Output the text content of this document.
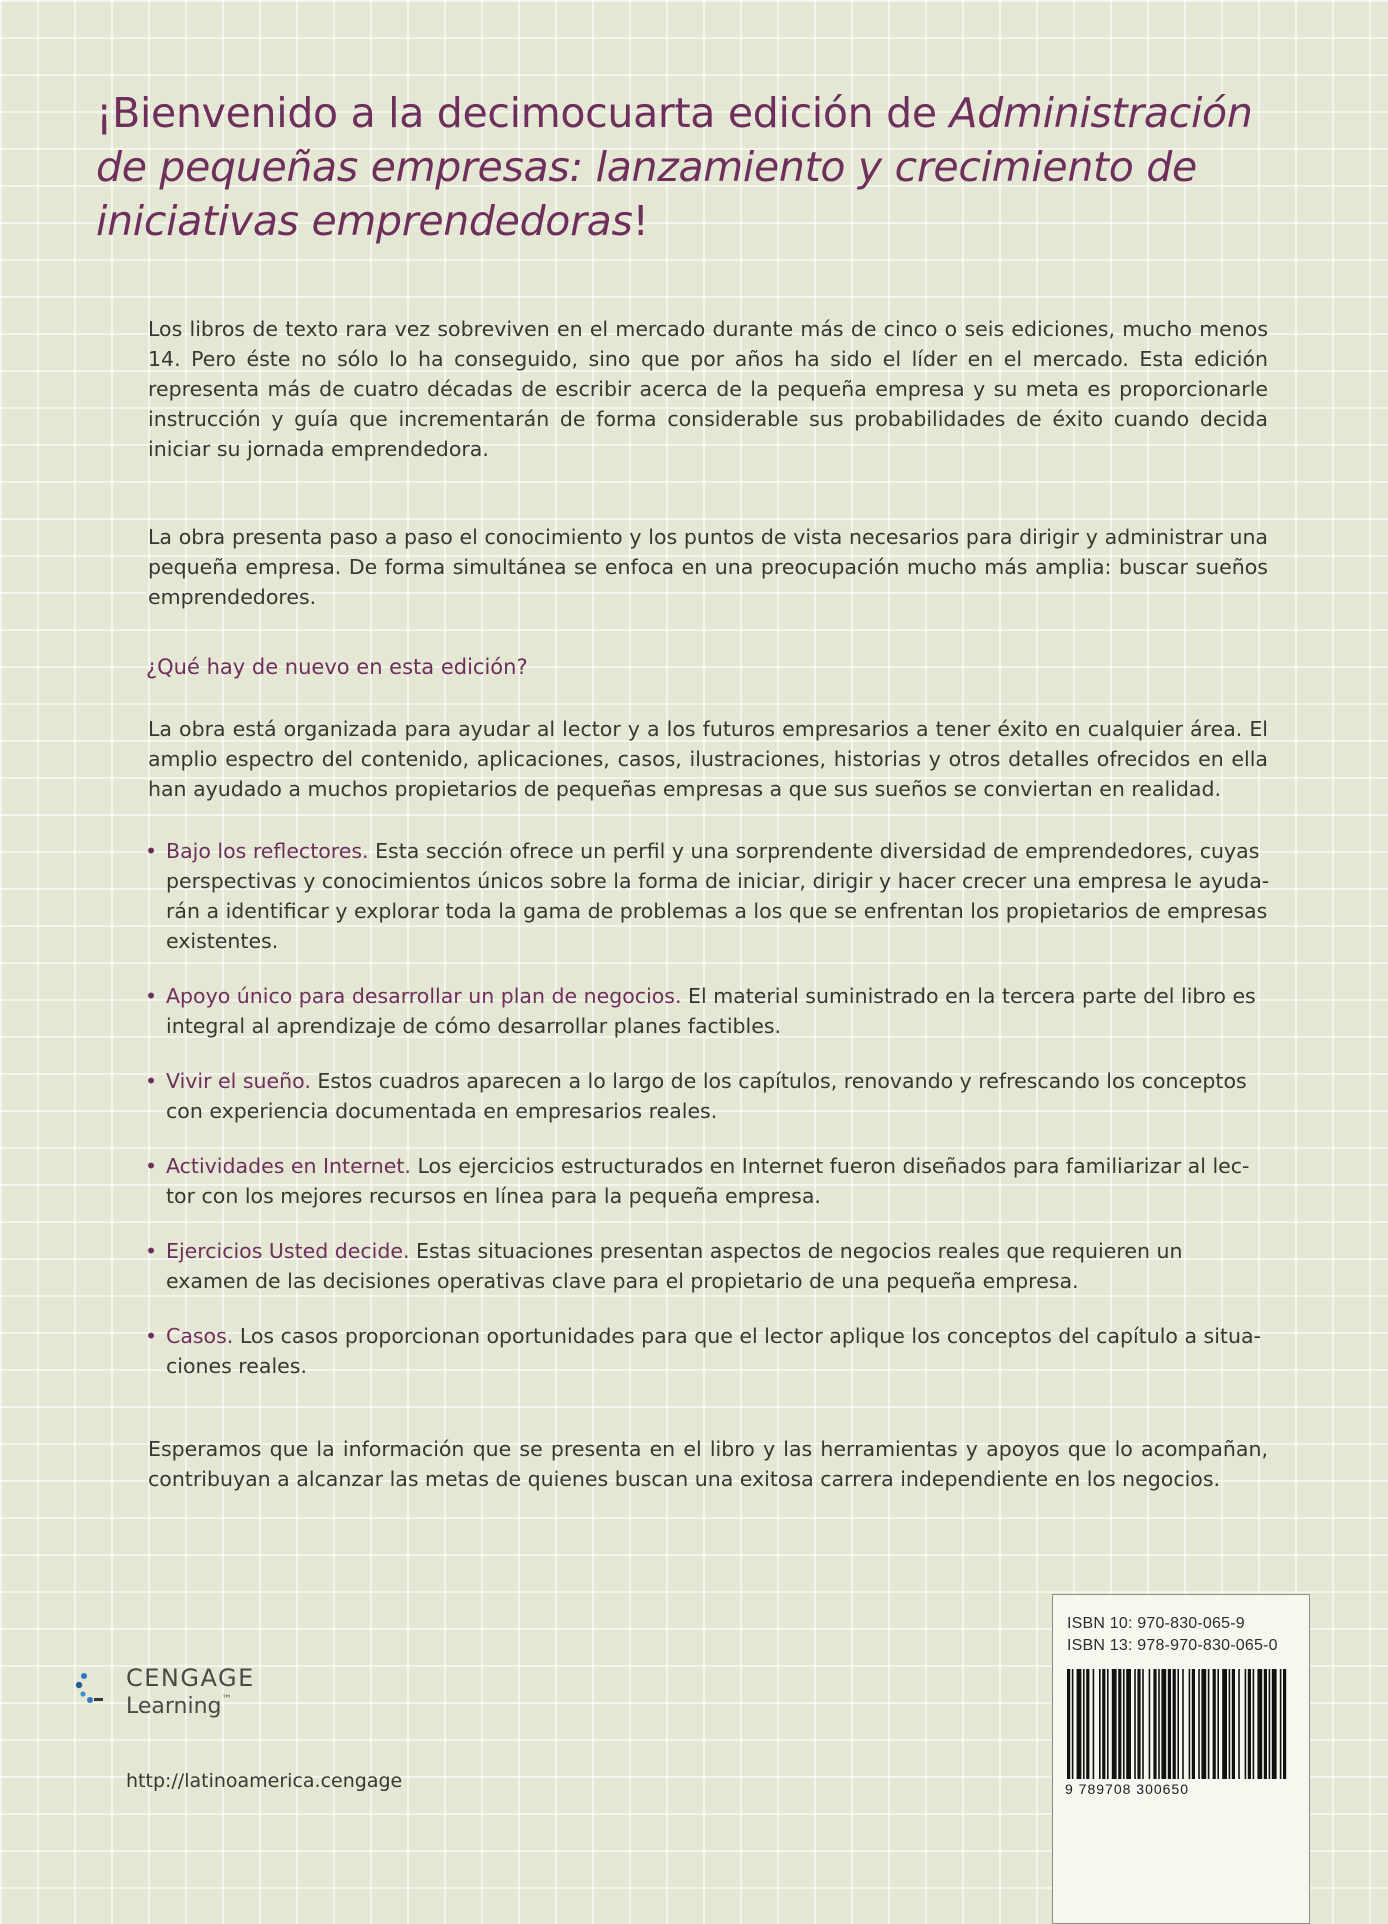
¡Bienvenido a la decimocuarta edición de Administración de pequeñas empresas: lanzamiento y crecimiento de iniciativas emprendedoras!

Los libros de texto rara vez sobreviven en el mercado durante más de cinco o seis ediciones, mucho menos 14. Pero éste no sólo lo ha conseguido, sino que por años ha sido el líder en el mercado. Esta edición representa más de cuatro décadas de escribir acerca de la pequeña empresa y su meta es proporcionarle instrucción y guía que incrementarán de forma considerable sus probabilidades de éxito cuando decida iniciar su jornada emprendedora.

La obra presenta paso a paso el conocimiento y los puntos de vista necesarios para dirigir y administrar una pequeña empresa. De forma simultánea se enfoca en una preocupación mucho más amplia: buscar sueños emprendedores.

¿Qué hay de nuevo en esta edición?

La obra está organizada para ayudar al lector y a los futuros empresarios a tener éxito en cualquier área. El amplio espectro del contenido, aplicaciones, casos, ilustraciones, historias y otros detalles ofrecidos en ella han ayudado a muchos propietarios de pequeñas empresas a que sus sueños se conviertan en realidad.

• Bajo los reflectores. Esta sección ofrece un perfil y una sorprendente diversidad de emprendedores, cuyas perspectivas y conocimientos únicos sobre la forma de iniciar, dirigir y hacer crecer una empresa le ayuda-rán a identificar y explorar toda la gama de problemas a los que se enfrentan los propietarios de empresas existentes.
• Apoyo único para desarrollar un plan de negocios. El material suministrado en la tercera parte del libro es integral al aprendizaje de cómo desarrollar planes factibles.
• Vivir el sueño. Estos cuadros aparecen a lo largo de los capítulos, renovando y refrescando los conceptos con experiencia documentada en empresarios reales.
• Actividades en Internet. Los ejercicios estructurados en Internet fueron diseñados para familiarizar al lec-tor con los mejores recursos en línea para la pequeña empresa.
• Ejercicios Usted decide. Estas situaciones presentan aspectos de negocios reales que requieren un examen de las decisiones operativas clave para el propietario de una pequeña empresa.
• Casos. Los casos proporcionan oportunidades para que el lector aplique los conceptos del capítulo a situa-ciones reales.

Esperamos que la información que se presenta en el libro y las herramientas y apoyos que lo acompañan, contribuyan a alcanzar las metas de quienes buscan una exitosa carrera independiente en los negocios.

CENGAGE
Learning™
http://latinoamerica.cengage
ISBN 10: 970-830-065-9
ISBN 13: 978-970-830-065-0
9 789708 300650
